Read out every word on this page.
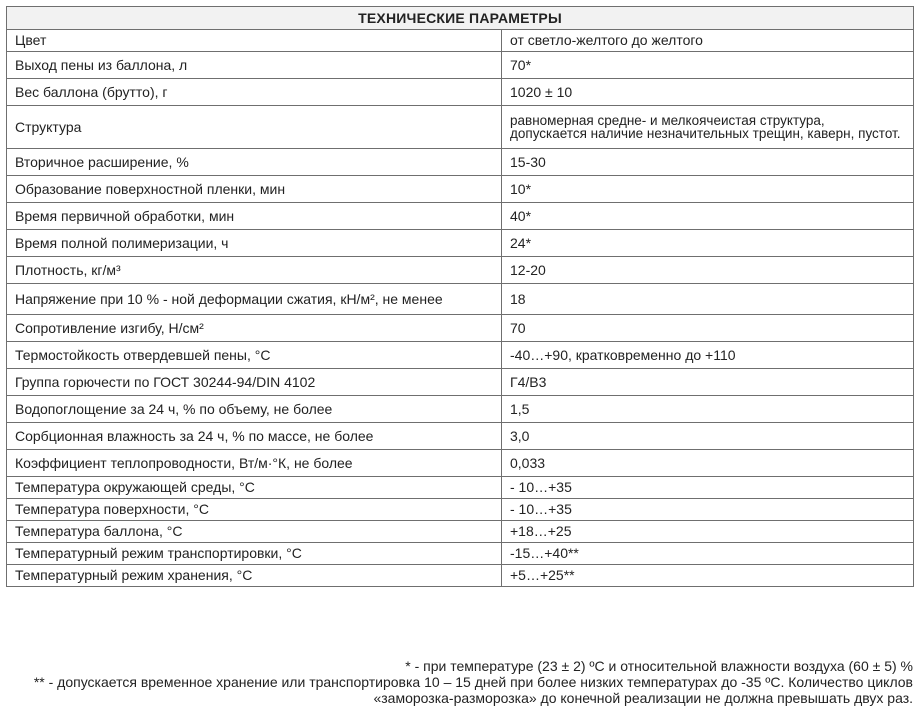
ТЕХНИЧЕСКИЕ ПАРАМЕТРЫ	
Цвет	от светло-желтого до желтого
Выход пены из баллона, л	70*
Вес баллона (брутто), г	1020 ± 10
Структура	равномерная средне- и мелкоячеистая структура, допускается наличие незначительных трещин, каверн, пустот.
Вторичное расширение, %	15-30
Образование поверхностной пленки, мин	10*
Время первичной обработки, мин	40*
Время полной полимеризации, ч	24*
Плотность, кг/м³	12-20
Напряжение при 10 % - ной деформации сжатия, кН/м², не менее	18
Сопротивление изгибу, Н/см²	70
Термостойкость отвердевшей пены, °С	-40…+90, кратковременно до +110
Группа горючести по ГОСТ 30244-94/DIN 4102	Г4/В3
Водопоглощение за 24 ч, % по объему, не более	1,5
Сорбционная влажность за 24 ч, % по массе, не более	3,0
Коэффициент теплопроводности, Вт/м·°К, не более	0,033
Температура окружающей среды, °С	- 10…+35
Температура поверхности, °С	- 10…+35
Температура баллона, °С	+18…+25
Температурный режим транспортировки, °С	-15…+40**
Температурный режим хранения, °С	+5…+25**
* - при температуре (23 ± 2) ºС и относительной влажности воздуха (60 ± 5) %
** - допускается временное хранение или транспортировка 10 – 15 дней при более низких температурах до -35 ºС. Количество циклов «заморозка-разморозка» до конечной реализации не должна превышать двух раз.
